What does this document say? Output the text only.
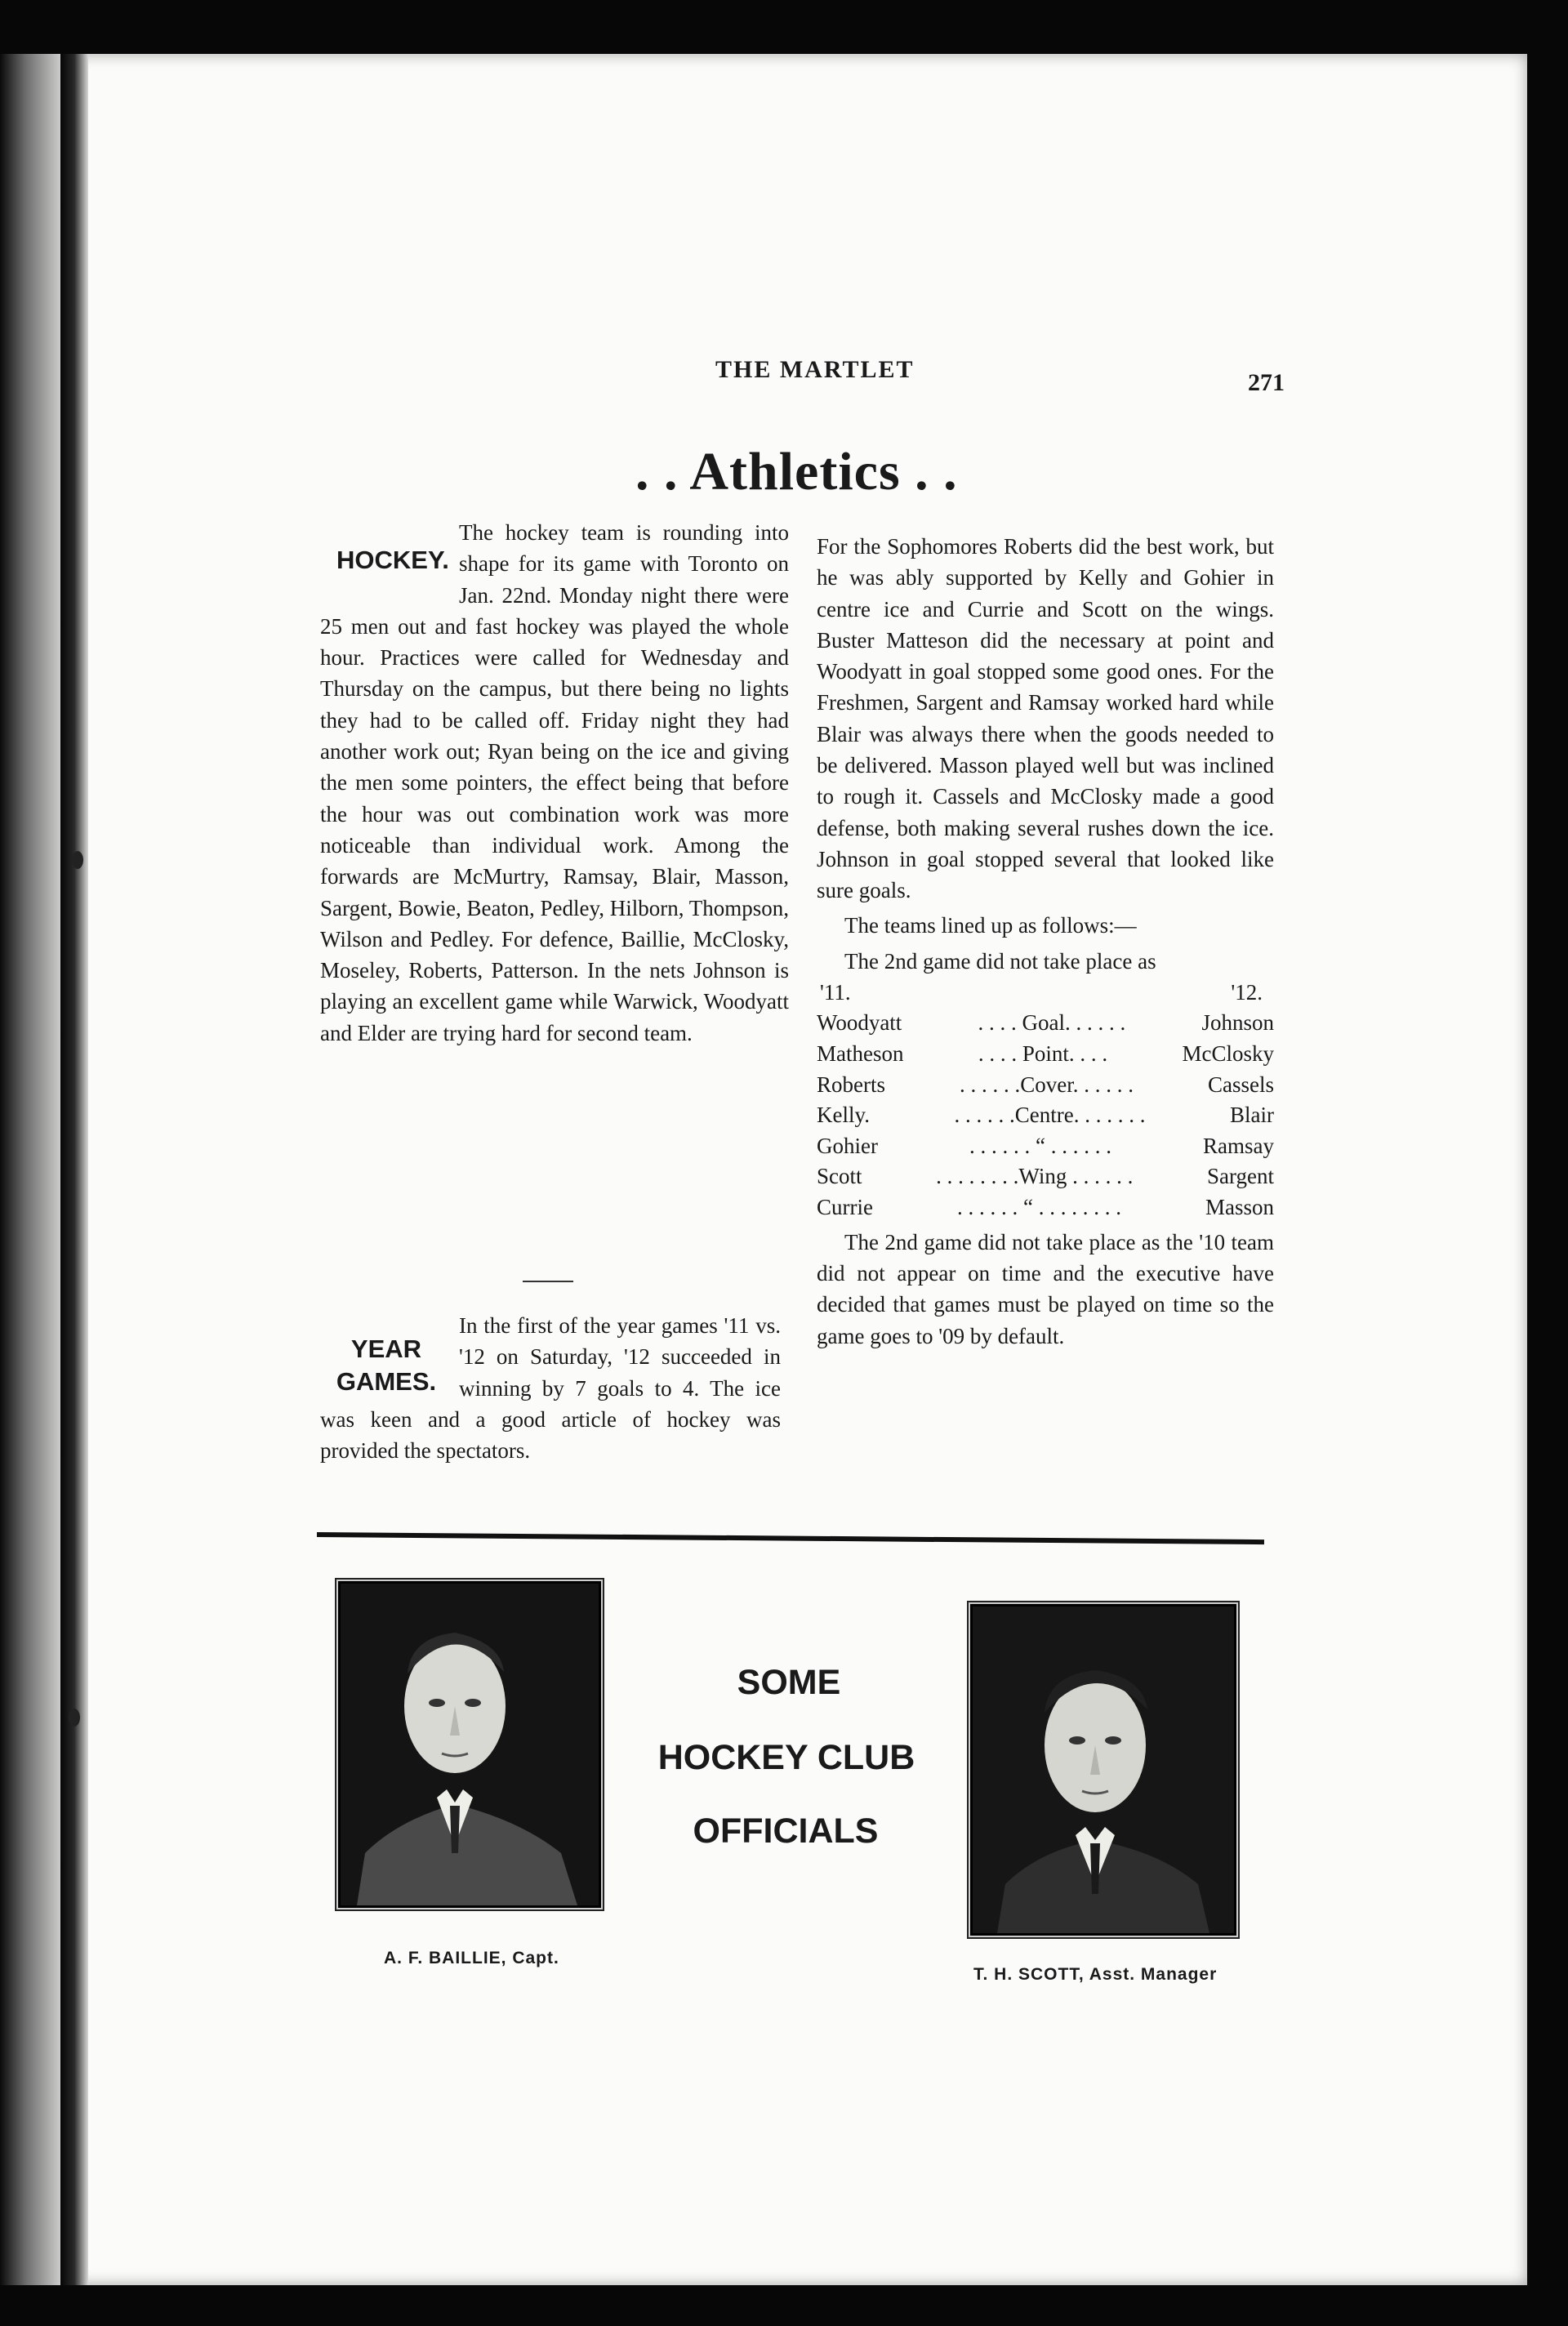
THE MARTLET	271
. . Athletics . .
HOCKEY.

The hockey team is rounding into shape for its game with Toronto on Jan. 22nd. Monday night there were 25 men out and fast hockey was played the whole hour. Practices were called for Wednesday and Thursday on the campus, but there being no lights they had to be called off. Friday night they had another work out; Ryan being on the ice and giving the men some pointers, the effect being that before the hour was out combination work was more noticeable than individual work. Among the forwards are McMurtry, Ramsay, Blair, Masson, Sargent, Bowie, Beaton, Pedley, Hilborn, Thompson, Wilson and Pedley. For defence, Baillie, McClosky, Moseley, Roberts, Patterson. In the nets Johnson is playing an excellent game while Warwick, Woodyatt and Elder are trying hard for second team.

YEAR
GAMES.

In the first of the year games '11 vs. '12 on Saturday, '12 succeeded in winning by 7 goals to 4. The ice was keen and a good article of hockey was provided the spectators.

For the Sophomores Roberts did the best work, but he was ably supported by Kelly and Gohier in centre ice and Currie and Scott on the wings. Buster Matteson did the necessary at point and Woodyatt in goal stopped some good ones. For the Freshmen, Sargent and Ramsay worked hard while Blair was always there when the goods needed to be delivered. Masson played well but was inclined to rough it. Cassels and McClosky made a good defense, both making several rushes down the ice. Johnson in goal stopped several that looked like sure goals.

The teams lined up as follows:—

The 2nd game did not take place as

'11.	'12.
Woodyatt	. . . . Goal. . . . . .	Johnson
Matheson	. . . . Point. . . .	McClosky
Roberts	. . . . . .Cover. . . . . .	Cassels
Kelly.	. . . . . .Centre. . . . . . .	Blair
Gohier	. . . . . . “ . . . . . .	Ramsay
Scott	. . . . . . . .Wing . . . . . .	Sargent
Currie	. . . . . . “ . . . . . . . .	Masson

The 2nd game did not take place as the '10 team did not appear on time and the executive have decided that games must be played on time so the game goes to '09 by default.

SOME
HOCKEY CLUB
OFFICIALS
A. F. BAILLIE, Capt.
T. H. SCOTT, Asst. Manager
